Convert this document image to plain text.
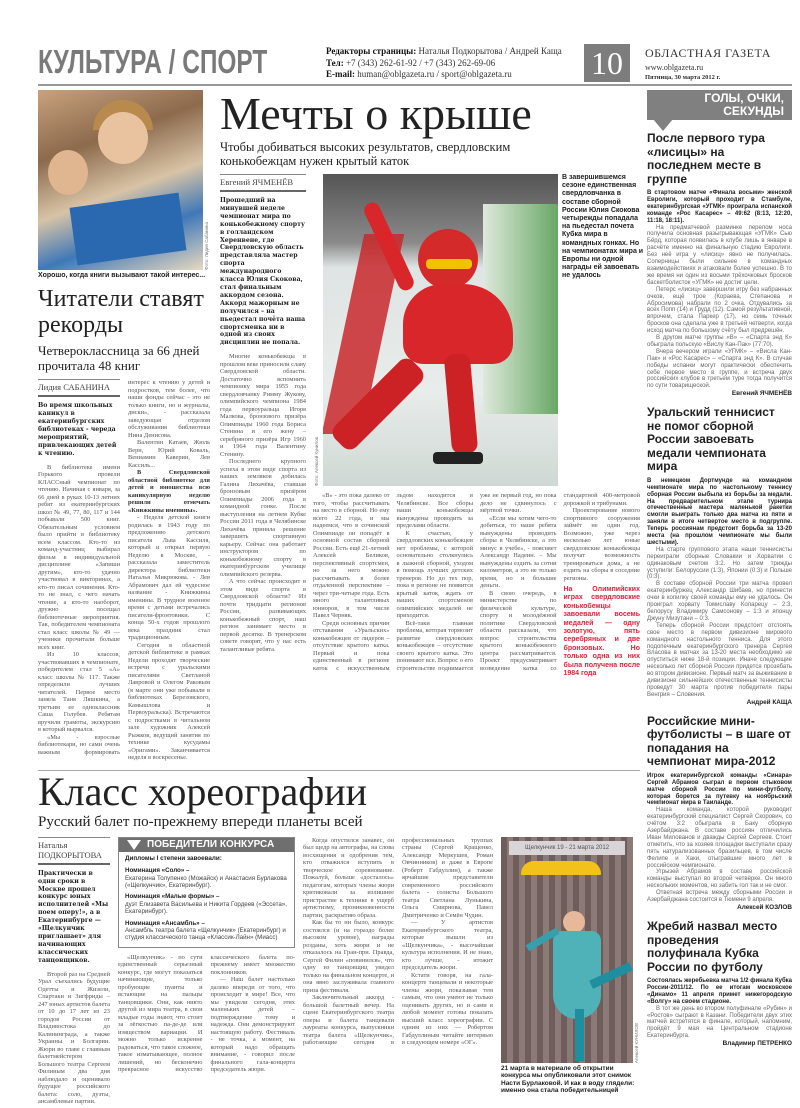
КУЛЬТУРА / СПОРТ	Редакторы страницы: Наталья Подкорытова / Андрей Каща
Тел: +7 (343) 262-61-92 / +7 (343) 262-69-06
E-mail: human@oblgazeta.ru / sport@oblgazeta.ru	10	ОБЛАСТНАЯ ГАЗЕТА
www.oblgazeta.ru
Пятница, 30 марта 2012 г.
Фото: Лидия Сабанина
Хорошо, когда книги вызывают такой интерес...
Читатели ставят рекорды
Четвероклассница за 66 дней прочитала 48 книг
Лидия САБАНИНА
Во время школьных каникул в екатеринбургских библиотеках - череда мероприятий, привлекающих детей к чтению.

В библиотеке имени Горького провели КЛАССный чемпионат по чтению. Начиная с января, за 66 дней в руках 10-13 летних ребят из екатеринбургских школ № 49, 77, 80, 117 и 144 побывали 500 книг. Обязательным условием было прийти в библиотеку всем классом. Кто-то из команд-участниц выбирал фильм в индивидуальной дисциплине «Запиши другим», кто-то удачно участвовал в викторинах, а кто-то писал сочинения. Кто-то не знал, с чего начать чтение, а кто-то наоборот, дружно посещал библиотечные мероприятия. Так, победителем чемпионата стал класс школы № 49 — ученики прочитали больше всех книг.

Из 10 классов, участвовавших в чемпионате, победителем стал 5 «А» класс школы № 117. Также определили лучших читателей. Первое место заняла Таня Ляшкина, а третьим ее одноклассник Саша Голубев. Ребятам вручили грамоты, экскурсию в который вырвался.

«Мы - взрослые библиотекари, но сами очень важным формировать интерес к чтению у детей и подростков, тем более, что наши фонды сейчас - это не только книги, но и журналы, диски», - рассказала заведующая отделом обслуживания библиотеки Нина Денисова.

Валентин Катаев, Жюль Верн, Юрий Коваль, Вениамин Каверин, Лев Кассиль...

В Свердловской областной библиотеке для детей и юношества всю каникулярную неделю решили отмечать «Книжкины именины».

- Неделя детской книги родилась в 1943 году по предложению детского писателя Льва Кассиля, который и открыл первую Неделю в Москве, - рассказала заместитель директора библиотеки Наталья Микрюкова. - Лев Абрамович дал ей чудесное название - Книжкины именины. В трудное военное время с детьми встречались писатели-фронтовики. С конца 50-х годов прошлого века праздник стал традиционным.

Сегодня в областной детской библиотеке в рамках Недели проходят творческие встречи с уральскими писателями Светланой Лавровой и Олегом Раковым (в марте они уже побывали в библиотеках Березовского, Камышлова и Первоуральска). Встречаются с подростками в читальном зале художник Алексей Рыжков, ведущий занятия по технике кусудамы «Оригами». Заканчивается неделя в воскресенье.

Мечты о крыше
Чтобы добиваться высоких результатов, свердловским конькобежцам нужен крытый каток
Евгений ЯЧМЕНЁВ
Прошедший на минувшей неделе чемпионат мира по конькобежному спорту в голландском Херенвене, где Свердловскую область представляла мастер спорта международного класса Юлия Скокова, стал финальным аккордом сезона. Аккорд мажорным не получился – на пьедестал почёта наша спортсменка ни в одной из своих дисциплин не попала.

Многие конькобежцы в прошлом веке приносили славу Свердловской области. Достаточно вспомнить чемпионку мира 1955 года свердловчанку Римму Жукову, олимпийского чемпиона 1984 года первоуральца Игоря Малкова, бронзового призёра Олимпиады 1960 года Бориса Стенина и его жену – серебряного призёра Игр 1960 и 1964 года Валентину Стенину.

Последнего крупного успеха в этом виде спорта из наших земляков добилась Галина Лихачёва, ставшая бронзовым призёром Олимпиады 2006 года в командной гонке. После выступления на летнем Кубке России 2011 года в Челябинске Лихачёва приняла решение завершить спортивную карьеру. Сейчас она работает инструктором по конькобежному спорту в екатеринбургском училище олимпийского резерва.

А что сейчас происходит в этом виде спорта в Свердловской области? Из почти тридцати регионов России, развивающих конькобежный спорт, наш регион занимает место в первой десятке. В тренерском совете говорят, что у нас есть талантливые ребята.

Фото: Алексей Кунилов
В завершившемся сезоне единственная свердловчанка в составе сборной России Юлия Скокова четырежды попадала на пьедестал почета Кубка мира в командных гонках. Но на чемпионатах мира и Европы ни одной награды ей завоевать не удалось

«В» - это пока далеко от того, чтобы рассчитывать на место в сборной. Но ему всего 22 года, и мы надеемся, что в сочинской Олимпиаде он попадёт в основной состав сборной России. Есть ещё 21-летний Алексей Беликов, перспективный спортсмен, но за него можно рассчитывать в более отдаленной перспективе – через три-четыре года. Есть много талантливых юниоров, в том числе Павел Черняк.

Среди основных причин отставания «Уральских» конькобежцев от лидеров – отсутствие крытого катка. Первый и пока единственный в регионе каток с искусственным льдом находится в Челябинске. Все сборы наши конькобежцы вынуждены проводить за пределами области.

К счастью, у свердловских конькобежцев нет проблемы, с которой основательно столкнулись в лыжной сборной, уходом в помощь лучших детских тренеров. Но до тех пор, пока в регионе не появится крытый каток, ждать от наших спортсменов олимпийских медалей не приходится.

Всё-таки главная проблема, которая тормозит развитие свердловских конькобежцев – отсутствие своего крытого катка. Это понимают все. Вопрос о его строительстве поднимается уже не первый год, но пока дело не сдвинулось с мёртвой точки.

«Если мы хотим чего-то добиться, то наше ребята вынуждены проводить сборы в Челябинске, а это минус в учебе», - поясняет Александр Надеин. – Мы вынуждены ездить за сотни километров, а это не только время, но и большие деньги.

В свою очередь, в министерстве по физической культуре, спорту и молодёжной политике Свердловской области рассказали, что вопрос строительства крытого конькобежного центра рассматривается. Проект предусматривает возведение катка со стандартной 400-метровой дорожкой и трибунами.

Проектирование нового спортивного сооружения займёт не один год. Возможно, уже через несколько лет юные свердловские конькобежцы получат возможность тренироваться дома, а не ездить на сборы в соседние регионы.

На Олимпийских играх свердловские конькобежцы завоевали восемь медалей — одну золотую, пять серебряных и две бронзовых. Но только одна из них была получена после 1984 года
Класс хореографии
Русский балет по-прежнему впереди планеты всей
Наталья ПОДКОРЫТОВА
Практически в одни сроки в Москве прошел конкурс юных исполнителей «Мы поем оперу!», а в Екатеринбурге — «Щелкунчик приглашает» для начинающих классических танцовщиков.

Второй раз на Средней Урал съехались будущие Одетты и Жизели, Спартаки и Зигфриды – 247 юных артистов балета от 10 до 17 лет из 23 городов России от Владивостока до Калининграда, а также Украины и Болгарии. Жюри во главе с главным балетмейстером Большого театра Сергеем Филиным два дня наблюдало и оценивало будущее российского балета: соло, дуэты, ансамблевые партии.

ПОБЕДИТЕЛИ КОНКУРСА
Дипломы I степени завоевали:
Номинация «Соло» –
Екатерина Толупенко (Можайск) и Анастасия Бурлакова («Щелкунчик», Екатеринбург).
Номинация «Малые формы» –
дуэт Елизавета Васильева и Никита Гордеев («Эссета», Екатеринбург).
Номинация «Ансамбль» –
Ансамбль театра балета «Щелкунчик» (Екатеринбург) и студия классического танца «Классик-Лайн» (Миасс)

«Щелкунчик» - по сути единственный серьезный конкурс, где могут показаться начинающие, только пробующие пуанты и встающие на пальцы танцовщики. Они, как никто другой из мира театра, в свои младые годы знают, что стоит за лёгкостью па-де-де или изяществом вариации. И можно только искренне радоваться, что такое сложное, такое изматывающее, полное лишений, но бесконечно прекрасное искусство классического балета по-прежнему имеет множество поклонников.

— Наш балет настолько далеко впереди от того, что происходит в мире! Все, что мы увидели сегодня, этих маленьких детей – подтверждение тому и надежда. Они демонстрируют настоящую работу. Фестиваль - не точка, а момент, на который надо обращать внимание, - говорил после финального гала-концерта председатель жюри.

Когда опустился занавес, он был щедр на автографы, на слова восхищения и одобрения тем, кто отважился вступить в творческое соревнование. Пожалуй, больше «досталось» педагогам, которых члены жюри критиковали за излишнее пристрастие к технике в ущерб артистизму, проникновенности партии, раскрытию образа.

Как бы то ни было, конкурс состоялся (и на гораздо более высоком уровне), награды розданы, хоть жюри и не отказалось на Гран-при. Правда, Сергей Филин «повинился», что одну из танцовщиц увидел только на финальном концерте, и она явно заслуживала главного приза фестиваля.

Заключительный аккорд - большой балетный вечер. На сцене Екатеринбургского театра оперы и балета танцевали лауреаты конкурса, выпускники театра балета «Щелкунчик», работающие сегодня в профессиональных труппах страны (Сергей Кращенко, Александр Меркушев, Роман Овчинников) и даже в Европе (Роберт Габдуллин), а также ярчайшие представители современного российского балета - солисты Большого театра Светлана Лунькина, Ольга Смирнова, Павел Дмитриченко и Семён Чудин.

— У артистов Екатеринбургского театра, которые вышли из «Щелкунчика», - высочайшая культура исполнения. И не знаю, кто лучше, - итожит председатель жюри.

Кстати говоря, на гала-концерте танцевали и некоторые члены жюри, показывая тем самым, что они умеют не только оценивать других, но и сами в любой момент готовы показать высший класс хореографии. С одним из них — Робертом Габдуллиным читайте интервью в следующем номере «ОГ».

Щелкунчик 19 - 21 марта 2012
Алексей КУНИЛОВ
21 марта в материале об открытии конкурса мы опубликовали этот снимок Насти Бурлаковой. И как в воду глядели: именно она стала победительницей
ГОЛЫ, ОЧКИ, СЕКУНДЫ
После первого тура «лисицы» на последнем месте в группе
В стартовом матче «Финала восьми» женской Евролиги, который проходит в Стамбуле, екатеринбургская «УГМК» проиграла испанской команде «Рос Касарес» – 49:62 (8:13, 12:20, 11:18, 18:11).

На предматчевой разминке перелом носа получила основная разыгрывающая «УГМК» Сью Бёрд, которая появилась в клубе лишь в январе в расчёте именно на финальную стадию Евролиги. Без неё игра у «лисиц» явно не получилась. Соперницы были сильнее в командных взаимодействиях и атаковали более успешно. В то же время ни один из восьми трёхочковых бросков баскетболисток «УГМК» не достиг цели.

Петерс «лисиц» завершили игру без набранных очков, ещё трое (Кораева, Степанова и Абросимова) набрали по 2 очка. Отдувались за всех Попп (14) и Грудд (12). Самой результативной, впрочем, стала Паркер (17), но семь точных бросков она сделала уже в третьей четверти, когда исход матча по большому счёту был предрешён.

В другом матче группы «В» – «Спарта энд К» обыграла польскую «Вислу Кан-Пак» (77:70).

Вчера вечером играли «УГМК» – «Висла Кан-Пак» и «Рос Касарес» – «Спарта энд К». В случае победы испанки могут практически обеспечить себе первое место в группе, и встреча двух российских клубов в третьем туре тогда получится по сути товарищеской.

Евгений ЯЧМЕНЁВ
Уральский теннисист не помог сборной России завоевать медали чемпионата мира
В немецком Дортмунде на командном чемпионате мира по настольному теннису сборная России выбыла из борьбы за медали. На предварительном этапе турнира отечественные мастера маленькой ракетки смогли выиграть только два матча из пяти и заняли в итоге четвертое место в подгруппе. Теперь россиянам предстоит борьба за 13-20 места (на прошлом чемпионате мы были шестыми).

На старте группового этапа наши теннисисты переиграли сборные Словакии и Хорватии с одинаковым счетом 3:2. Но затем трижды уступили: Белоруссии (1:3), Японии (0:3) и Польше (0:3).

В составе сборной России три матча провел екатеринбуржец Александр Шибаев, но принести очки в копилку своей команды ему не удалось. Он проиграл хорвату Томиславу Коларецу – 2:3, белорусу Владимиру Самсонову – 1:3 и японцу Джуну Мизутани – 0:3.

Теперь сборной России предстоит отстоять свое место в первом дивизионе мирового командного настольного тенниса. Для этого подопечным екатеринбургского тренера Сергея Власова в матчах за 13-20 места необходимо не опуститься ниже 18-й позиции. Иначе следующие несколько лет сборной России придется прозябать во втором дивизионе. Первый матч за выживание в дивизионе сильнейших отечественные теннисисты проведут 30 марта против победителя пары Венгрия – Словения.

Андрей КАЩА
Российские мини-футболисты – в шаге от попадания на чемпионат мира-2012
Игрок екатеринбургской команды «Синара» Сергей Абрамов сыграл в первом стыковом матче сборной России по мини-футболу, которая борется за путевку на ноябрьский чемпионат мира в Таиланде.

Наша команда, которой руководит екатеринбургский специалист Сергей Скорович, со счётом 3:2 обыграла в Баку сборную Азербайджана. В составе россиян отличились Иван Милованов и дважды Сергей Сергеев. Стоит отметить, что за хозяев площадки выступали сразу пять натурализованных бразильцев, в том числе Фелипе и Хаки, отыгравшие много лет в российском чемпионате.

Угрызей Абрамов в составе российской команды выступал во второй четвёрке. Он много нескольких моментов, но забить гол так и не смог.

Ответная встреча между сборными России и Азербайджана состоится в Тюмени 9 апреля.

Алексей КОЗЛОВ
Жребий назвал место проведения полуфинала Кубка России по футболу
Состоялась жеребьевка матча 1/2 финала Кубка России-2011/12. По ее итогам московское «Динамо» 11 апреля примет нижегородскую «Волгу» на своем стадионе.

В тот же день во втором полуфинале «Рубин» и «Ростов» сыграют в Казани. Победители двух этих матчей встретятся в финале, который, напомним, пройдёт 9 мая на Центральном стадионе Екатеринбурга.

Владимир ПЕТРЕНКО
